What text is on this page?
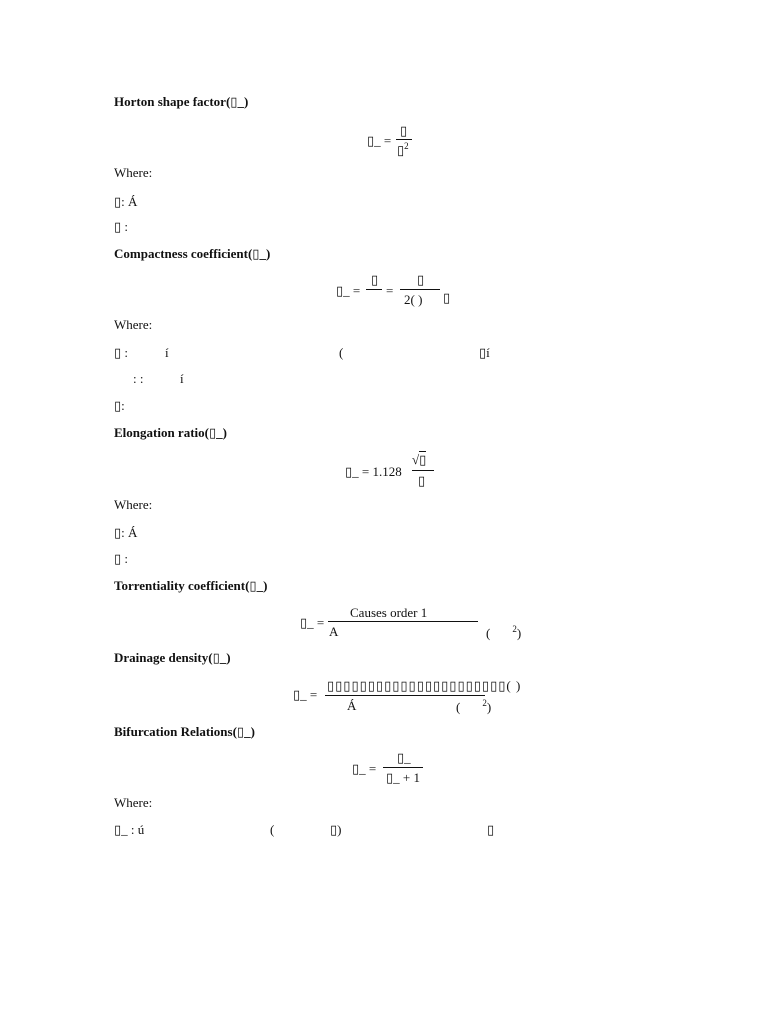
Horton shape factor(▯_)
▯_ =
▯
▯$^2$
Where:
▯: Á
▯ :
Compactness coefficient(▯_)
▯_ =
▯
=
▯
2( ) ▯
Where:
▯ :	í	(	▯í
: :	í
▯:
Elongation ratio(▯_)
▯_ = 1.128
√▯
▯
Where:
▯: Á
▯ :
Torrentiality coefficient(▯_)
▯_ =
Causes order 1
A	( $^2$)
Drainage density(▯_)
▯_ =
▯▯▯▯▯▯▯▯▯▯▯▯▯▯▯▯▯▯▯▯▯▯( )
Á	( $^2$)
Bifurcation Relations(▯_)
▯_ =
▯_
▯_ + 1
Where:
▯_ : ú	(	▯)	▯
